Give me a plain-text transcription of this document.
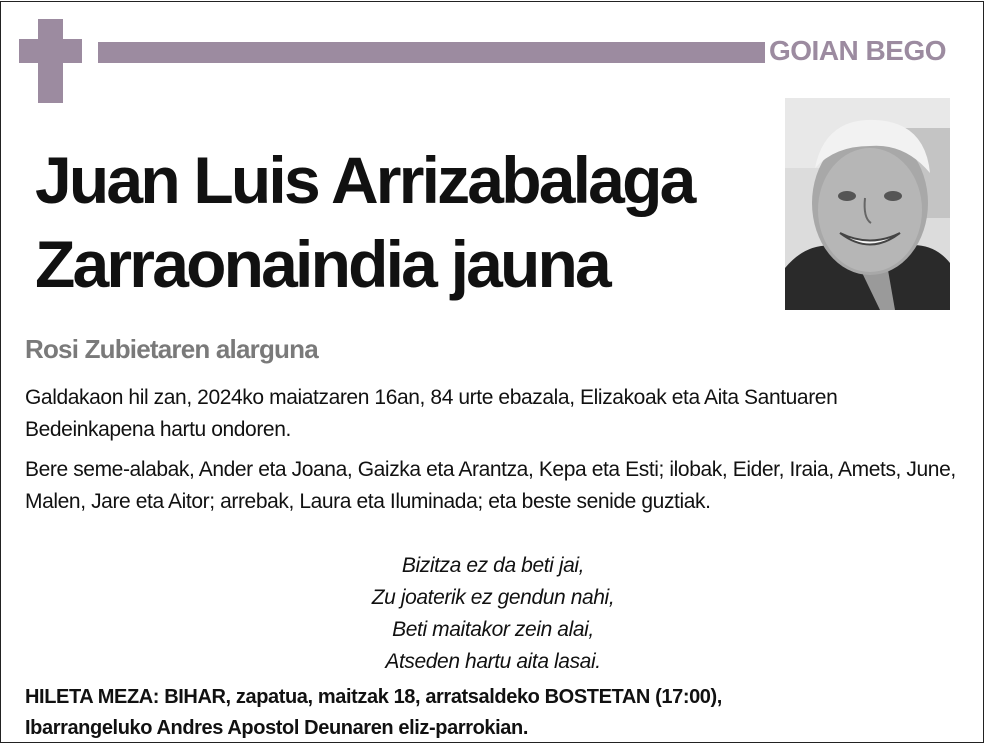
GOIAN BEGO
Juan Luis Arrizabalaga
Zarraonaindia jauna
Rosi Zubietaren alarguna
Galdakaon hil zan, 2024ko maiatzaren 16an, 84 urte ebazala, Elizakoak eta Aita Santuaren Bedeinkapena hartu ondoren.
Bere seme-alabak, Ander eta Joana, Gaizka eta Arantza, Kepa eta Esti; ilobak, Eider, Iraia, Amets, June, Malen, Jare eta Aitor; arrebak, Laura eta Iluminada; eta beste senide guztiak.
Bizitza ez da beti jai,
Zu joaterik ez gendun nahi,
Beti maitakor zein alai,
Atseden hartu aita lasai.
HILETA MEZA: BIHAR, zapatua, maitzak 18, arratsaldeko BOSTETAN (17:00),
Ibarrangeluko Andres Apostol Deunaren eliz-parrokian.
